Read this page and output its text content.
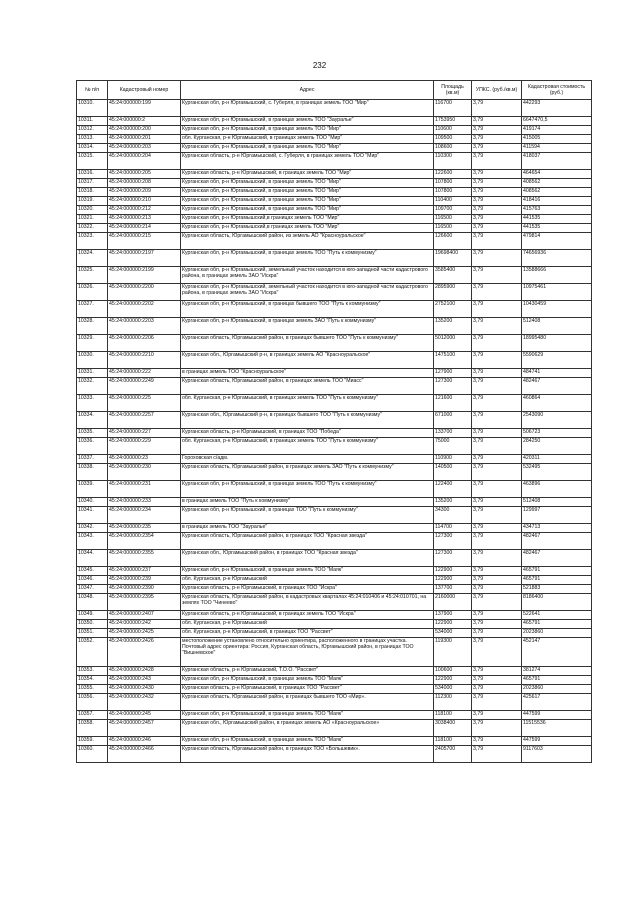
232
№ п/п	Кадастровый номер	Адрес	Площадь (кв.м)	УПКС. (руб./кв.м)	Кадастровая стоимость (руб.)
10310.	45:24:000000:199	Курганская обл, р-н Юргамышский, с. Губерля, в границах земель ТОО "Мир"	116700	3,79	442293
10311.	45:24:000000:2	Курганская обл, р-н Юргамышский, в границах земель ТОО "Зауралье"	1753950	3,79	6647470,5
10312.	45:24:000000:200	Курганская обл, р-н Юргамышский, в границах земель ТОО "Мир"	110600	3,79	419174
10313.	45:24:000000:201	обл. Курганская, р-н Юргамышский, в границах земель ТОО "Мир"	109500	3,79	415005
10314.	45:24:000000:203	Курганская обл, р-н Юргамышский, в границах земель ТОО "Мир"	108600	3,79	411594
10315.	45:24:000000:204	Курганская область, р-н Юргамышский, с. Губерля, в границах земель ТОО "Мир"	110300	3,79	418037
10316.	45:24:000000:205	Курганская область, р-н Юргамышский, в границах земель ТОО "Мир"	122600	3,79	464654
10317.	45:24:000000:208	Курганская обл, р-н Юргамышский, в границах земель ТОО "Мир"	107800	3,79	408562
10318.	45:24:000000:209	Курганская обл, р-н Юргамышский, в границах земель ТОО "Мир"	107800	3,79	408562
10319.	45:24:000000:210	Курганская обл, р-н Юргамышский, в границах земель ТОО "Мир"	110400	3,79	418416
10320.	45:24:000000:212	Курганская обл, р-н Юргамышский, в границах земель ТОО "Мир"	109700	3,79	415763
10321.	45:24:000000:213	Курганская обл, р-н Юргамышский,в границах земель ТОО "Мир"	116500	3,79	441535
10322.	45:24:000000:214	Курганская обл, р-н Юргамышский,в границах земель ТОО "Мир"	116500	3,79	441535
10323.	45:24:000000:215	Курганская область, Юргамышский район, из земель АО "Красноуральское"	126600	3,79	479814
10324.	45:24:000000:2197	Курганская обл, р-н Юргамышский, в границах земель ТОО "Путь к коммунизму"	19698400	3,79	74656936
10325.	45:24:000000:2199	Курганская обл, р-н Юргамышский, земельный участок находится в юго-западной части кадастрового района, в границах земель ЗАО "Искра"	3585400	3,79	13588666
10326.	45:24:000000:2200	Курганская обл, р-н Юргамышский, земельный участок находится в юго-западной части кадастрового района, в границах земель ЗАО "Искра"	2895900	3,79	10975461
10327.	45:24:000000:2202	Курганская обл, р-н Юргамышский, в границах бывшего ТОО "Путь к коммунизму"	2752100	3,79	10430459
10328.	45:24:000000:2203	Курганская обл, р-н Юргамышский, в границах земель ЗАО "Путь к коммунизму"	135200	3,79	512408
10329.	45:24:000000:2206	Курганская область, Юргамышский район, в границах бывшего ТОО "Путь к коммунизму"	5012000	3,79	18995480
10330.	45:24:000000:2210	Курганская обл., Юргамышский р-н, в границах земель АО "Красноуральское"	1475100	3,79	5590629
10331.	45:24:000000:222	в границах земель ТОО "Красноуральское"	127900	3,79	484741
10332.	45:24:000000:2249	Курганская область, Юргамышский район, в границах земель ТОО "Миасс"	127300	3,79	482467
10333.	45:24:000000:225	обл. Курганская, р-н Юргамышский, в границах земель ТОО "Путь к коммунизму"	121600	3,79	460864
10334.	45:24:000000:2257	Курганская обл., Юргамышский р-н, в границах бывшего ТОО "Путь к коммунизму"	671000	3,79	2543090
10335.	45:24:000000:227	Курганская область, р-н Юргамышский, в границах ТОО "Победа"	133700	3,79	506723
10336.	45:24:000000:229	обл. Курганская, р-н Юргамышский, в границах земель ТОО "Путь к коммунизму"	75000	3,79	284250
10337.	45:24:000000:23	Гороховская с/адм.	110900	3,79	420311
10338.	45:24:000000:230	Курганская область, Юргамышский район, в границах земель ЗАО "Путь к коммунизму"	140500	3,79	532495
10339.	45:24:000000:231	Курганская обл, р-н Юргамышский, в границах земель ТОО "Путь к коммунизму"	122400	3,79	463896
10340.	45:24:000000:233	в границах земель ТОО "Путь к коммунизму"	135200	3,79	512408
10341.	45:24:000000:234	Курганская обл, р-н Юргамышский, в границах ТОО "Путь к коммунизму"	34300	3,79	129997
10342.	45:24:000000:235	в границах земель ТОО "Зауралье"	114700	3,79	434713
10343.	45:24:000000:2354	Курганская область, Юргамышский район, в границах ТОО "Красная звезда"	127300	3,79	482467
10344.	45:24:000000:2355	Курганская обл., Юргамышский район, в границах ТОО "Красная звезда"	127300	3,79	482467
10345.	45:24:000000:237	Курганская обл, р-н Юргамышский, в границах земель ТОО "Маяк"	122900	3,79	465791
10346.	45:24:000000:239	обл. Курганская, р-н Юргамышский	122900	3,79	465791
10347.	45:24:000000:2390	Курганская область, р-н Юргамышский, в границах ТОО "Искра"	137700	3,79	521883
10348.	45:24:000000:2395	Курганская область, Юргамышский район, в кадастровых кварталах 45:24:010406 и 45:24:010701, на землях ТОО "Чинеево"	2160000	3,79	8186400
10349.	45:24:000000:2407	Курганская область, р-н Юргамышский, в границах земель ТОО "Искра"	137900	3,79	522641
10350.	45:24:000000:242	обл. Курганская, р-н Юргамышский	122900	3,79	465791
10351.	45:24:000000:2425	обл. Курганская, р-н Юргамышский, в границах ТОО "Рассвет"	534000	3,79	2023860
10352.	45:24:000000:2426	местоположение установлено относительно ориентира, расположенного в границах участка. Почтовый адрес ориентира: Россия, Курганская область, Юргамышский район, в границах ТОО "Вишневское"	119300	3,79	452147
10353.	45:24:000000:2428	Курганская область, р-н Юргамышский, Т.О.О. "Рассвет"	100600	3,79	381274
10354.	45:24:000000:243	Курганская обл, р-н Юргамышский, в границах земель ТОО "Маяк"	122900	3,79	465791
10355.	45:24:000000:2430	Курганская область, р-н Юргамышский, в границах ТОО "Рассвет"	534000	3,79	2023860
10356.	45:24:000000:2432	Курганская область, Юргамышский район, в границах бывшего ТОО «Мир».	112300	3,79	425617
10357.	45:24:000000:245	Курганская обл, р-н Юргамышский, в границах земель ТОО "Маяк"	118100	3,79	447599
10358.	45:24:000000:2457	Курганская обл., Юргамышский район, в границах земель АО «Красноуральское»	3038400	3,79	11515536
10359.	45:24:000000:246	Курганская обл, р-н Юргамышский, в границах земель ТОО "Маяк"	118100	3,79	447599
10360.	45:24:000000:2466	Курганская область, Юргамышский район, в границах ТОО «Большевик».	2405700	3,79	9117603
